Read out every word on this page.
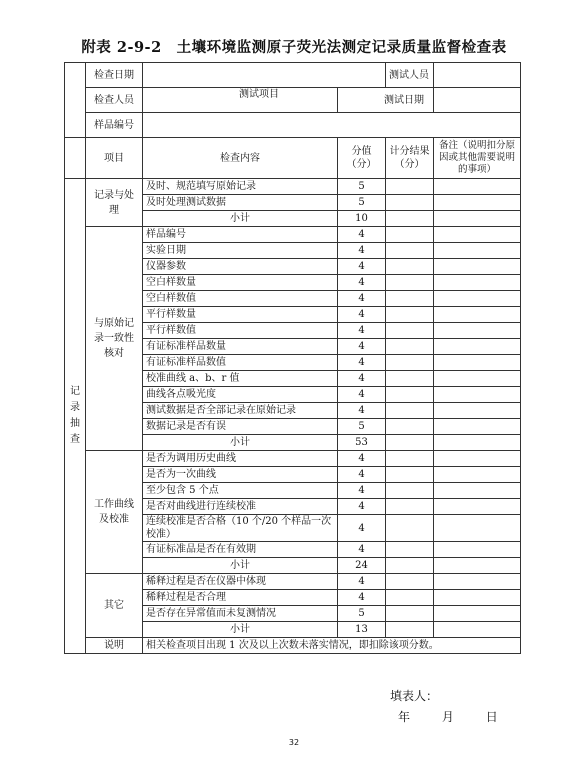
附表 2-9-2　土壤环境监测原子荧光法测定记录质量监督检查表
	检查日期			测试人员	
	检查人员	测试项目	测试日期		

	样品编号				
	项目	检查内容	分值（分）	计分结果（分）	备注（说明扣分原因或其他需要说明的事项）

记录抽查	记录与处理	及时、规范填写原始记录	5		
		及时处理测试数据	5		
		小计	10		
	与原始记录一致性核对	样品编号	4		
		实验日期	4		
		仪器参数	4		
		空白样数量	4		
		空白样数值	4		
		平行样数量	4		
		平行样数值	4		
		有证标准样品数量	4		
		有证标准样品数值	4		
		校准曲线 a、b、r 值	4		
		曲线各点吸光度	4		
		测试数据是否全部记录在原始记录	4		
		数据记录是否有误	5		
		小计	53		
	工作曲线及校准	是否为调用历史曲线	4		
		是否为一次曲线	4		
		至少包含 5 个点	4		
		是否对曲线进行连续校准	4		
		连续校准是否合格（10 个/20 个样品一次校准）	4		
		有证标准品是否在有效期	4		
		小计	24		
	其它	稀释过程是否在仪器中体现	4		
		稀释过程是否合理	4		
		是否存在异常值而未复测情况	5		
		小计	13		
	说明	相关检查项目出现 1 次及以上次数未落实情况，即扣除该项分数。			
填表人：
年	月	日
32
